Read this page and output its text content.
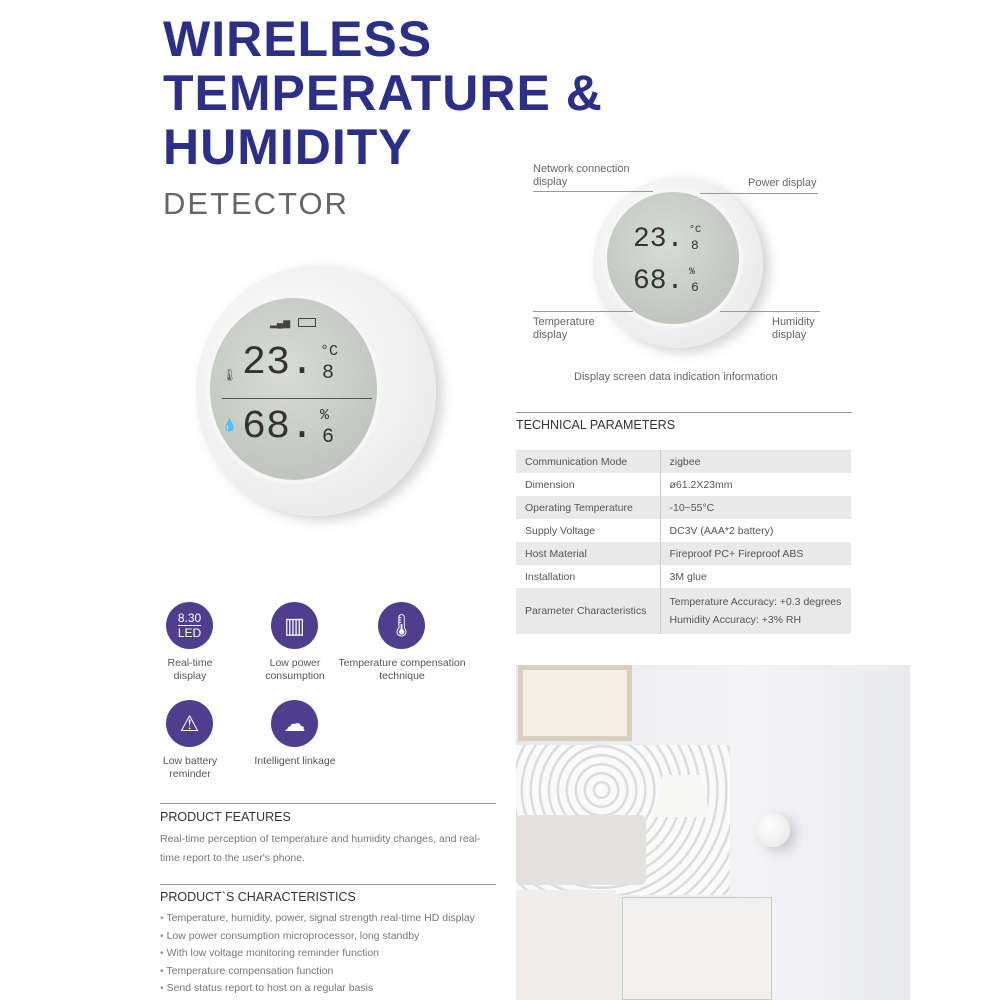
WIRELESS
TEMPERATURE &
HUMIDITY
DETECTOR
▂▄▆
🌡 23. °C
8
💧 68. %
6
23. °C
8
68. %
6
Network connection display	Power display
Temperature display
Humidity display
Display screen data indication information
TECHNICAL PARAMETERS
Communication Mode	zigbee
Dimension	ø61.2X23mm
Operating Temperature	-10~55°C
Supply Voltage	DC3V (AAA*2 battery)
Host Material	Fireproof PC+ Fireproof ABS
Installation	3M glue
Parameter Characteristics	Temperature Accuracy: +0.3 degrees
Humidity Accuracy: +3% RH
8.30
LED
Real-time display
▥
Low power consumption
🌡
Temperature compensation technique
⚠
Low battery reminder
☁
Intelligent linkage
PRODUCT FEATURES
Real-time perception of temperature and humidity changes, and real-time report to the user's phone.
PRODUCT`S CHARACTERISTICS
• Temperature, humidity, power, signal strength real-time HD display
• Low power consumption microprocessor, long standby
• With low voltage monitoring reminder function
• Temperature compensation function
• Send status report to host on a regular basis
